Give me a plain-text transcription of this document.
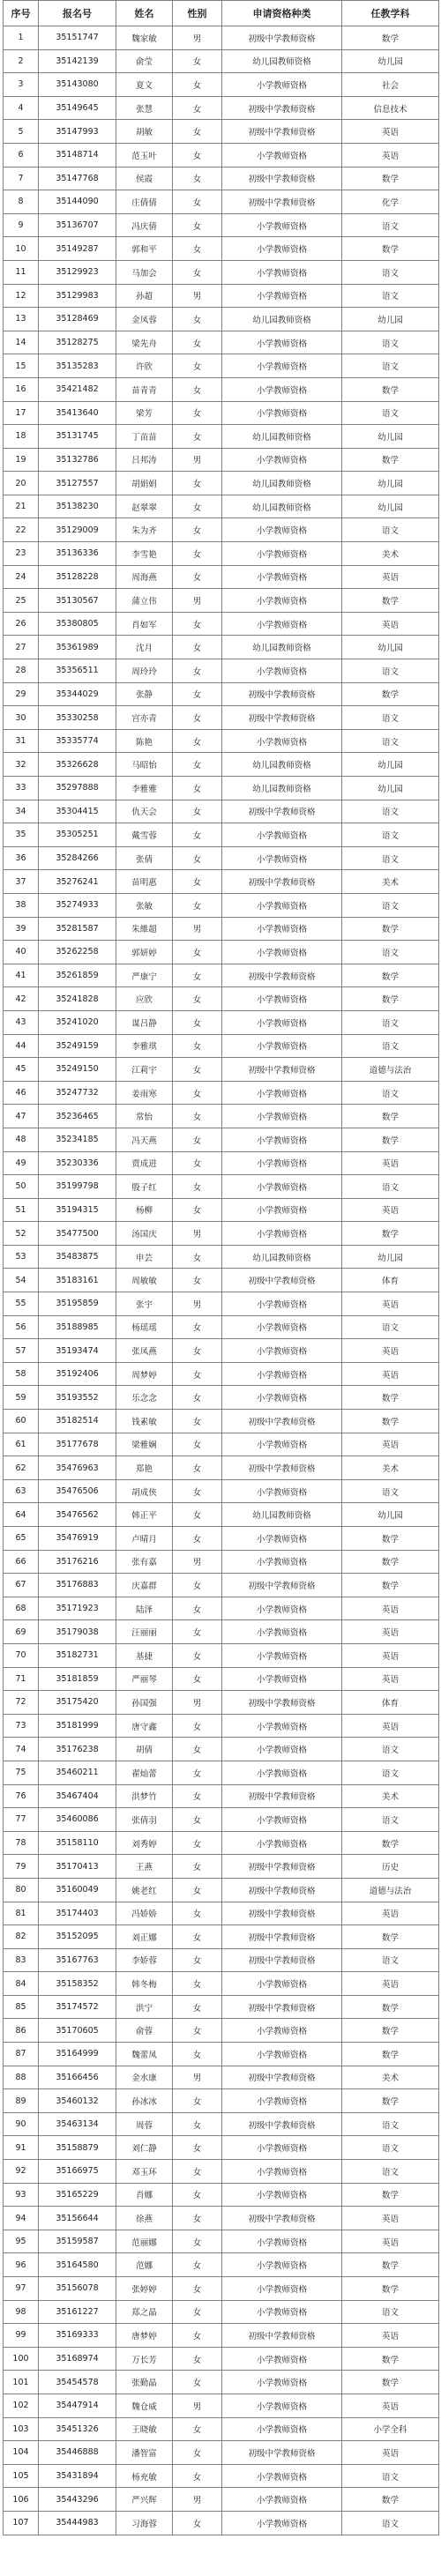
序号	报名号	姓名	性别	申请资格种类	任教学科
1	35151747	魏家敏	男	初级中学教师资格	数学
2	35142139	俞莹	女	幼儿园教师资格	幼儿园
3	35143080	夏文	女	小学教师资格	社会
4	35149645	张慧	女	初级中学教师资格	信息技术
5	35147993	胡敏	女	初级中学教师资格	英语
6	35148714	范玉叶	女	小学教师资格	英语
7	35147768	侯霞	女	初级中学教师资格	数学
8	35144090	庄倩倩	女	初级中学教师资格	化学
9	35136707	冯庆倩	女	小学教师资格	语文
10	35149287	郭和平	女	小学教师资格	数学
11	35129923	马加会	女	小学教师资格	语文
12	35129983	孙超	男	小学教师资格	语文
13	35128469	金凤蓉	女	幼儿园教师资格	幼儿园
14	35128275	梁先舟	女	小学教师资格	语文
15	35135283	许欣	女	小学教师资格	语文
16	35421482	苗青青	女	小学教师资格	数学
17	35413640	梁芳	女	小学教师资格	语文
18	35131745	丁苗苗	女	幼儿园教师资格	幼儿园
19	35132786	吕邦涛	男	小学教师资格	数学
20	35127557	胡娟娟	女	幼儿园教师资格	幼儿园
21	35138230	赵翠翠	女	幼儿园教师资格	幼儿园
22	35129009	朱为齐	女	小学教师资格	语文
23	35136336	李雪艳	女	小学教师资格	美术
24	35128228	周海燕	女	小学教师资格	英语
25	35130567	蒲立伟	男	小学教师资格	数学
26	35380805	肖如军	女	小学教师资格	英语
27	35361989	沈月	女	幼儿园教师资格	幼儿园
28	35356511	周玲玲	女	小学教师资格	语文
29	35344029	张静	女	初级中学教师资格	数学
30	35330258	宫亦青	女	初级中学教师资格	语文
31	35335774	陈艳	女	小学教师资格	语文
32	35326628	马昭怡	女	幼儿园教师资格	幼儿园
33	35297888	李雅雅	女	幼儿园教师资格	幼儿园
34	35304415	仇天会	女	初级中学教师资格	语文
35	35305251	戴雪蓉	女	小学教师资格	语文
36	35284266	张倩	女	小学教师资格	语文
37	35276241	苗明惠	女	初级中学教师资格	美术
38	35274933	张敏	女	小学教师资格	语文
39	35281587	朱維超	男	小学教师资格	数学
40	35262258	郭妍婷	女	小学教师资格	语文
41	35261859	严康宁	女	初级中学教师资格	数学
42	35241828	应欣	女	小学教师资格	数学
43	35241020	谋吕静	女	小学教师资格	语文
44	35249159	李雅琪	女	小学教师资格	语文
45	35249150	江莉宇	女	初级中学教师资格	道德与法治
46	35247732	姜雨寒	女	小学教师资格	语文
47	35236465	常怡	女	小学教师资格	数学
48	35234185	冯天燕	女	小学教师资格	数学
49	35230336	贾成进	女	小学教师资格	英语
50	35199798	殷子红	女	小学教师资格	语文
51	35194315	杨柳	女	小学教师资格	英语
52	35477500	汤国庆	男	小学教师资格	数学
53	35483875	申芸	女	幼儿园教师资格	幼儿园
54	35183161	周敏敏	女	初级中学教师资格	体育
55	35195859	张宇	男	小学教师资格	英语
56	35188985	杨瑶瑶	女	小学教师资格	语文
57	35193474	张凤燕	女	小学教师资格	英语
58	35192406	周梦婷	女	小学教师资格	英语
59	35193552	乐念念	女	小学教师资格	数学
60	35182514	钱素敏	女	初级中学教师资格	数学
61	35177678	梁雅娴	女	小学教师资格	英语
62	35476963	郑艳	女	初级中学教师资格	美术
63	35476506	胡成侠	女	小学教师资格	语文
64	35476562	韩正平	女	幼儿园教师资格	幼儿园
65	35476919	卢晴月	女	小学教师资格	数学
66	35176216	张有嘉	男	小学教师资格	数学
67	35176883	庆嘉群	女	初级中学教师资格	数学
68	35171923	陆泽	女	小学教师资格	英语
69	35179038	汪丽丽	女	小学教师资格	英语
70	35182731	基捷	女	小学教师资格	英语
71	35181859	严丽琴	女	小学教师资格	英语
72	35175420	孙国强	男	初级中学教师资格	体育
73	35181999	唐守鑫	女	小学教师资格	英语
74	35176238	胡倩	女	小学教师资格	语文
75	35460211	翟灿蕾	女	小学教师资格	语文
76	35467404	洪梦竹	女	初级中学教师资格	美术
77	35460086	张倩羽	女	小学教师资格	语文
78	35158110	刘秀婷	女	小学教师资格	数学
79	35170413	王燕	女	初级中学教师资格	历史
80	35160049	姚老红	女	初级中学教师资格	道德与法治
81	35174403	冯娇娇	女	初级中学教师资格	英语
82	35152095	刘正娜	女	初级中学教师资格	数学
83	35167763	李娇蓉	女	初级中学教师资格	语文
84	35158352	韩冬梅	女	小学教师资格	英语
85	35174572	洪宁	女	初级中学教师资格	数学
86	35170605	俞蓉	女	小学教师资格	数学
87	35164999	魏蕾凤	女	小学教师资格	数学
88	35166456	金水康	男	初级中学教师资格	美术
89	35460132	孙冰冰	女	小学教师资格	数学
90	35463134	周蓉	女	初级中学教师资格	语文
91	35158879	刘仁静	女	小学教师资格	语文
92	35166975	邓玉环	女	小学教师资格	语文
93	35165229	肖娜	女	小学教师资格	数学
94	35156644	徐燕	女	初级中学教师资格	英语
95	35159587	范丽娜	女	小学教师资格	英语
96	35164580	范娜	女	小学教师资格	数学
97	35156078	张婷婷	女	小学教师资格	数学
98	35161227	郑之晶	女	小学教师资格	语文
99	35169333	唐梦婷	女	初级中学教师资格	英语
100	35168974	万长芳	女	小学教师资格	数学
101	35454578	张勤晶	女	小学教师资格	数学
102	35447914	魏仓威	男	小学教师资格	英语
103	35451326	王晓敏	女	小学教师资格	小学全科
104	35446888	潘智富	女	初级中学教师资格	英语
105	35431894	杨充敏	女	小学教师资格	语文
106	35443296	严兴辉	男	小学教师资格	数学
107	35444983	习海蓉	女	小学教师资格	语文
